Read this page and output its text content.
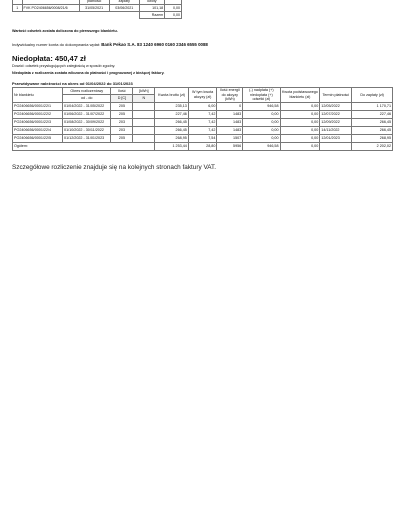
		płatności	zapłaty	kwoty	
1	FVK PO2406656/0008/21/6	31/05/2021	03/06/2021	101,18	0,00
				Razem	0,00
Wartość odsetek została doliczona do pierwszego blankietu.
Indywidualny numer konta do dokonywania wpłat: Bank Pekao S.A. 83 1240 6960 0160 2346 6555 0088
Niedopłata: 450,47 zł
Dowód: odsetek przysługujących zaległością w sposób zgodny.
Niedopłata z rozliczenia została wliczona do płatności i prognozowej z bieżącej faktury.
Przewidywane należności na okres od 01/04/2022 do 31/01/2023
Nr blankietu	Okres rozliczeniowy	Ilość	[kWh]	Kwota brutto (zł)	W tym kwota akcyzy (zł)	Ilość energii do akcyzy (kWh)	(-) nadpłata (+) niedopłata (+) odsetki (zł)	Kwota podstawowego blankietu (zł)	Termin płatności	Do zapłaty (zł)
	od - do	D [C]	N							
PO2406656/0001/22/1	01/04/2022 - 31/05/2022	205		235,13	6,00	0	946,58	0,00	12/05/2022	1 170,71
PO2406656/0001/22/2	01/06/2022 - 31/07/2022	205		227,46	7,42	1483	0,00	0,00	12/07/2022	227,46
PO2406656/0001/22/3	01/08/2022 - 30/09/2022	203		266,45	7,42	1483	0,00	0,00	12/09/2022	266,45
PO2406656/0001/22/4	01/10/2022 - 30/11/2022	203		266,45	7,42	1483	0,00	0,00	14/11/2022	266,45
PO2406656/0001/22/5	01/12/2022 - 31/01/2023	205		268,95	7,54	1507	0,00	0,00	12/01/2023	268,95
Ogółem:				1 253,44	28,80	5956	946,58	0,00		2 202,02
Szczegółowe rozliczenie znajduje się na kolejnych stronach faktury VAT.
